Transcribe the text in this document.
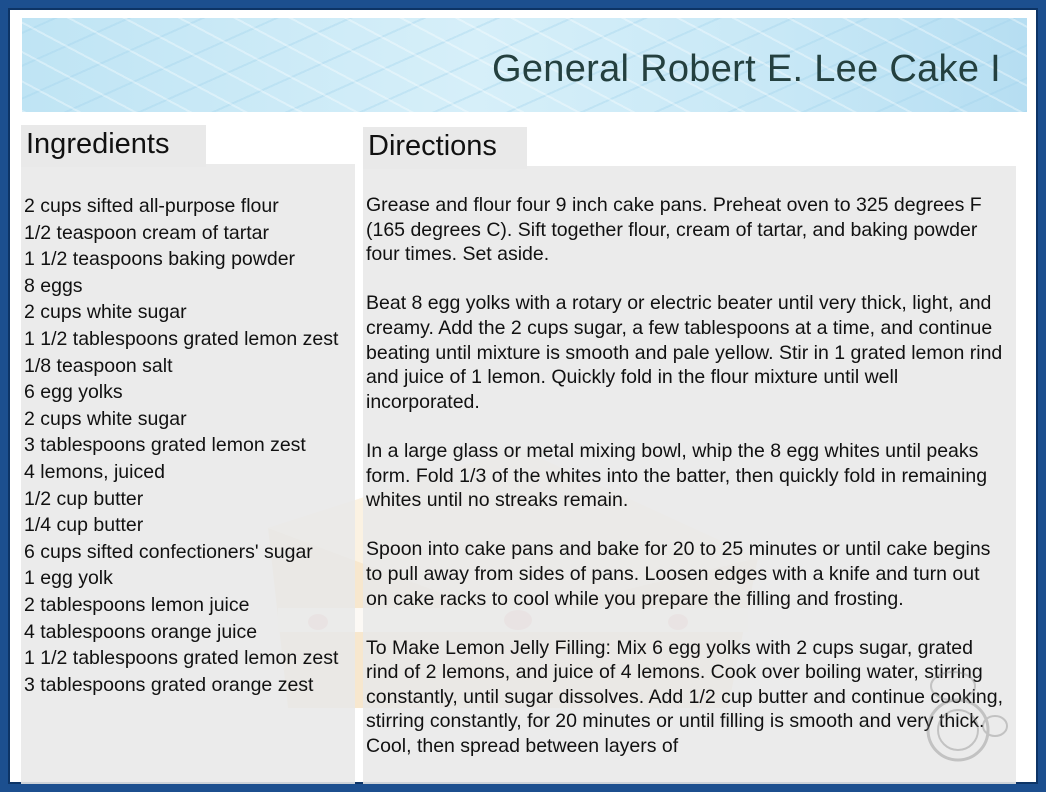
General Robert E. Lee Cake I
Ingredients
2 cups sifted all-purpose flour
1/2 teaspoon cream of tartar
1 1/2 teaspoons baking powder
8 eggs
2 cups white sugar
1 1/2 tablespoons grated lemon zest
1/8 teaspoon salt
6 egg yolks
2 cups white sugar
3 tablespoons grated lemon zest
4 lemons, juiced
1/2 cup butter
1/4 cup butter
6 cups sifted confectioners' sugar
1 egg yolk
2 tablespoons lemon juice
4 tablespoons orange juice
1 1/2 tablespoons grated lemon zest
3 tablespoons grated orange zest
Directions

Grease and flour four 9 inch cake pans. Preheat oven to 325 degrees F (165 degrees C). Sift together flour, cream of tartar, and baking powder four times. Set aside.

Beat 8 egg yolks with a rotary or electric beater until very thick, light, and creamy. Add the 2 cups sugar, a few tablespoons at a time, and continue beating until mixture is smooth and pale yellow. Stir in 1 grated lemon rind and juice of 1 lemon. Quickly fold in the flour mixture until well incorporated.

In a large glass or metal mixing bowl, whip the 8 egg whites until peaks form. Fold 1/3 of the whites into the batter, then quickly fold in remaining whites until no streaks remain.

Spoon into cake pans and bake for 20 to 25 minutes or until cake begins to pull away from sides of pans. Loosen edges with a knife and turn out on cake racks to cool while you prepare the filling and frosting.

To Make Lemon Jelly Filling: Mix 6 egg yolks with 2 cups sugar, grated rind of 2 lemons, and juice of 4 lemons. Cook over boiling water, stirring constantly, until sugar dissolves. Add 1/2 cup butter and continue cooking, stirring constantly, for 20 minutes or until filling is smooth and very thick. Cool, then spread between layers of
